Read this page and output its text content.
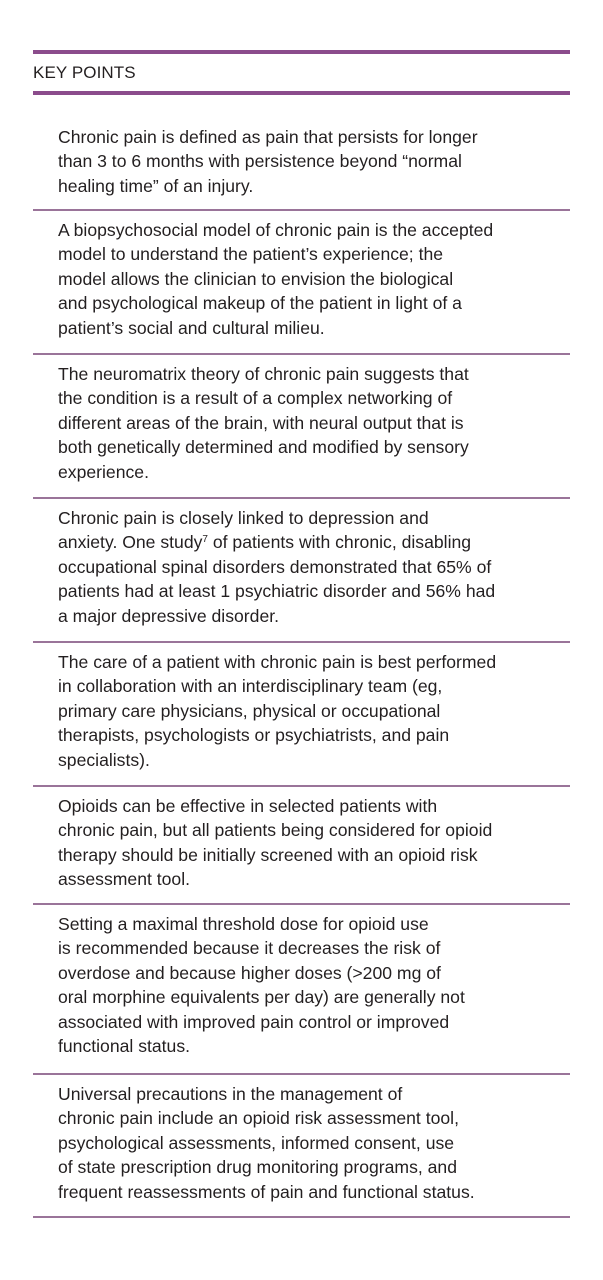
KEY POINTS

Chronic pain is defined as pain that persists for longer
than 3 to 6 months with persistence beyond “normal
healing time” of an injury.

A biopsychosocial model of chronic pain is the accepted
model to understand the patient’s experience; the
model allows the clinician to envision the biological
and psychological makeup of the patient in light of a
patient’s social and cultural milieu.

The neuromatrix theory of chronic pain suggests that
the condition is a result of a complex networking of
different areas of the brain, with neural output that is
both genetically determined and modified by sensory
experience.

Chronic pain is closely linked to depression and
anxiety. One study$^7$ of patients with chronic, disabling
occupational spinal disorders demonstrated that 65% of
patients had at least 1 psychiatric disorder and 56% had
a major depressive disorder.

The care of a patient with chronic pain is best performed
in collaboration with an interdisciplinary team (eg,
primary care physicians, physical or occupational
therapists, psychologists or psychiatrists, and pain
specialists).

Opioids can be effective in selected patients with
chronic pain, but all patients being considered for opioid
therapy should be initially screened with an opioid risk
assessment tool.

Setting a maximal threshold dose for opioid use
is recommended because it decreases the risk of
overdose and because higher doses (>200 mg of
oral morphine equivalents per day) are generally not
associated with improved pain control or improved
functional status.

Universal precautions in the management of
chronic pain include an opioid risk assessment tool,
psychological assessments, informed consent, use
of state prescription drug monitoring programs, and
frequent reassessments of pain and functional status.
